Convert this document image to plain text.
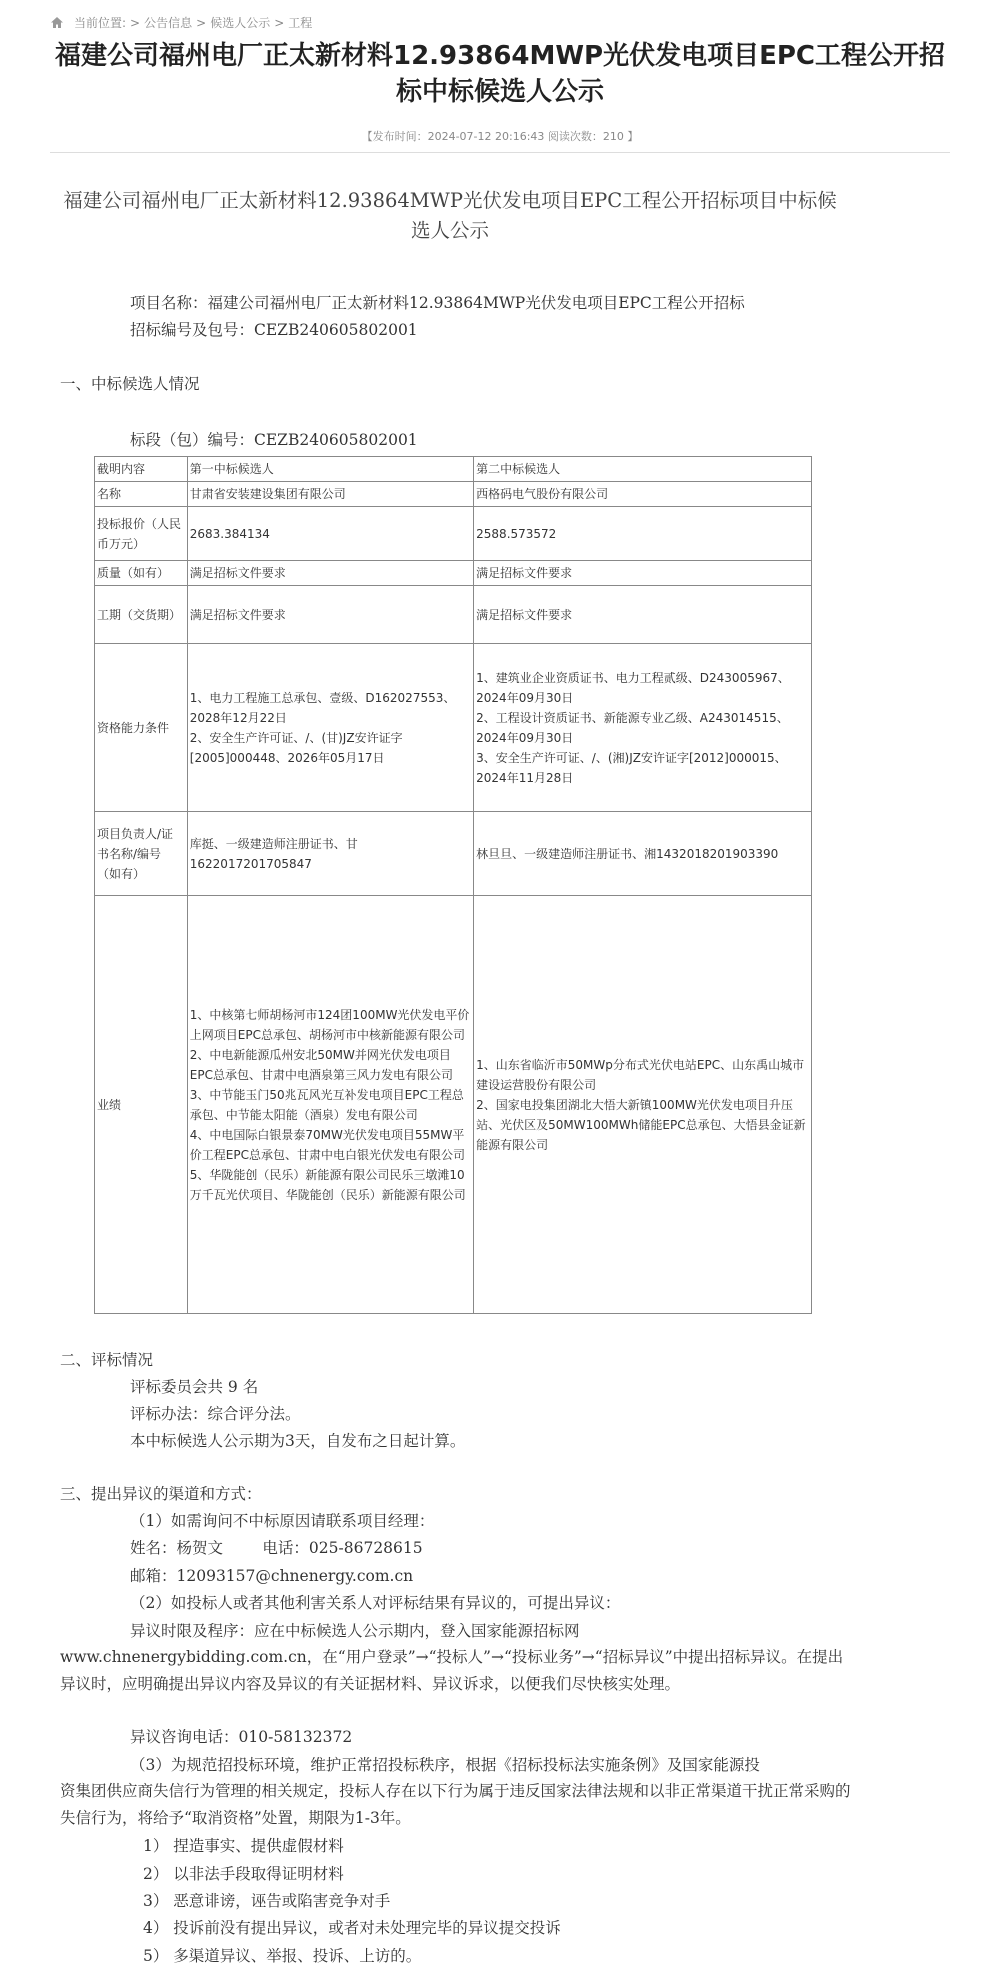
当前位置: > 公告信息 > 候选人公示 > 工程
福建公司福州电厂正太新材料12.93864MWP光伏发电项目EPC工程公开招标中标候选人公示
【发布时间：2024-07-12 20:16:43 阅读次数：210 】
福建公司福州电厂正太新材料12.93864MWP光伏发电项目EPC工程公开招标项目中标候选人公示
项目名称：福建公司福州电厂正太新材料12.93864MWP光伏发电项目EPC工程公开招标
招标编号及包号：CEZB240605802001
一、中标候选人情况
标段（包）编号：CEZB240605802001
截明内容	第一中标候选人	第二中标候选人
名称	甘肃省安装建设集团有限公司	西格码电气股份有限公司
投标报价（人民币万元）	2683.384134	2588.573572
质量（如有）	满足招标文件要求	满足招标文件要求
工期（交货期）	满足招标文件要求	满足招标文件要求
资格能力条件	1、电力工程施工总承包、壹级、D162027553、2028年12月22日
2、安全生产许可证、/、(甘)JZ安许证字[2005]000448、2026年05月17日	1、建筑业企业资质证书、电力工程贰级、D243005967、2024年09月30日
2、工程设计资质证书、新能源专业乙级、A243014515、2024年09月30日
3、安全生产许可证、/、(湘)JZ安许证字[2012]000015、2024年11月28日
项目负责人/证书名称/编号（如有）	库挺、一级建造师注册证书、甘1622017201705847	林旦旦、一级建造师注册证书、湘1432018201903390
业绩	1、中核第七师胡杨河市124团100MW光伏发电平价上网项目EPC总承包、胡杨河市中核新能源有限公司
2、中电新能源瓜州安北50MW并网光伏发电项目EPC总承包、甘肃中电酒泉第三风力发电有限公司
3、中节能玉门50兆瓦风光互补发电项目EPC工程总承包、中节能太阳能（酒泉）发电有限公司
4、中电国际白银景泰70MW光伏发电项目55MW平价工程EPC总承包、甘肃中电白银光伏发电有限公司
5、华陇能创（民乐）新能源有限公司民乐三墩滩10万千瓦光伏项目、华陇能创（民乐）新能源有限公司	1、山东省临沂市50MWp分布式光伏电站EPC、山东禹山城市建设运营股份有限公司
2、国家电投集团湖北大悟大新镇100MW光伏发电项目升压站、光伏区及50MW100MWh储能EPC总承包、大悟县金证新能源有限公司
二、评标情况
评标委员会共 9 名
评标办法：综合评分法。
本中标候选人公示期为3天，自发布之日起计算。
三、提出异议的渠道和方式：
（1）如需询问不中标原因请联系项目经理：
姓名：杨贺文        电话：025-86728615
邮箱：12093157@chnenergy.com.cn
（2）如投标人或者其他利害关系人对评标结果有异议的，可提出异议：
异议时限及程序：应在中标候选人公示期内，登入国家能源招标网
www.chnenergybidding.com.cn，在“用户登录”→“投标人”→“投标业务”→“招标异议”中提出招标异议。在提出异议时，应明确提出异议内容及异议的有关证据材料、异议诉求，以便我们尽快核实处理。
异议咨询电话：010-58132372
（3）为规范招投标环境，维护正常招投标秩序，根据《招标投标法实施条例》及国家能源投
资集团供应商失信行为管理的相关规定，投标人存在以下行为属于违反国家法律法规和以非正常渠道干扰正常采购的失信行为，将给予“取消资格”处置，期限为1-3年。
1） 捏造事实、提供虚假材料
2） 以非法手段取得证明材料
3） 恶意诽谤，诬告或陷害竞争对手
4） 投诉前没有提出异议，或者对未处理完毕的异议提交投诉
5） 多渠道异议、举报、投诉、上访的。
